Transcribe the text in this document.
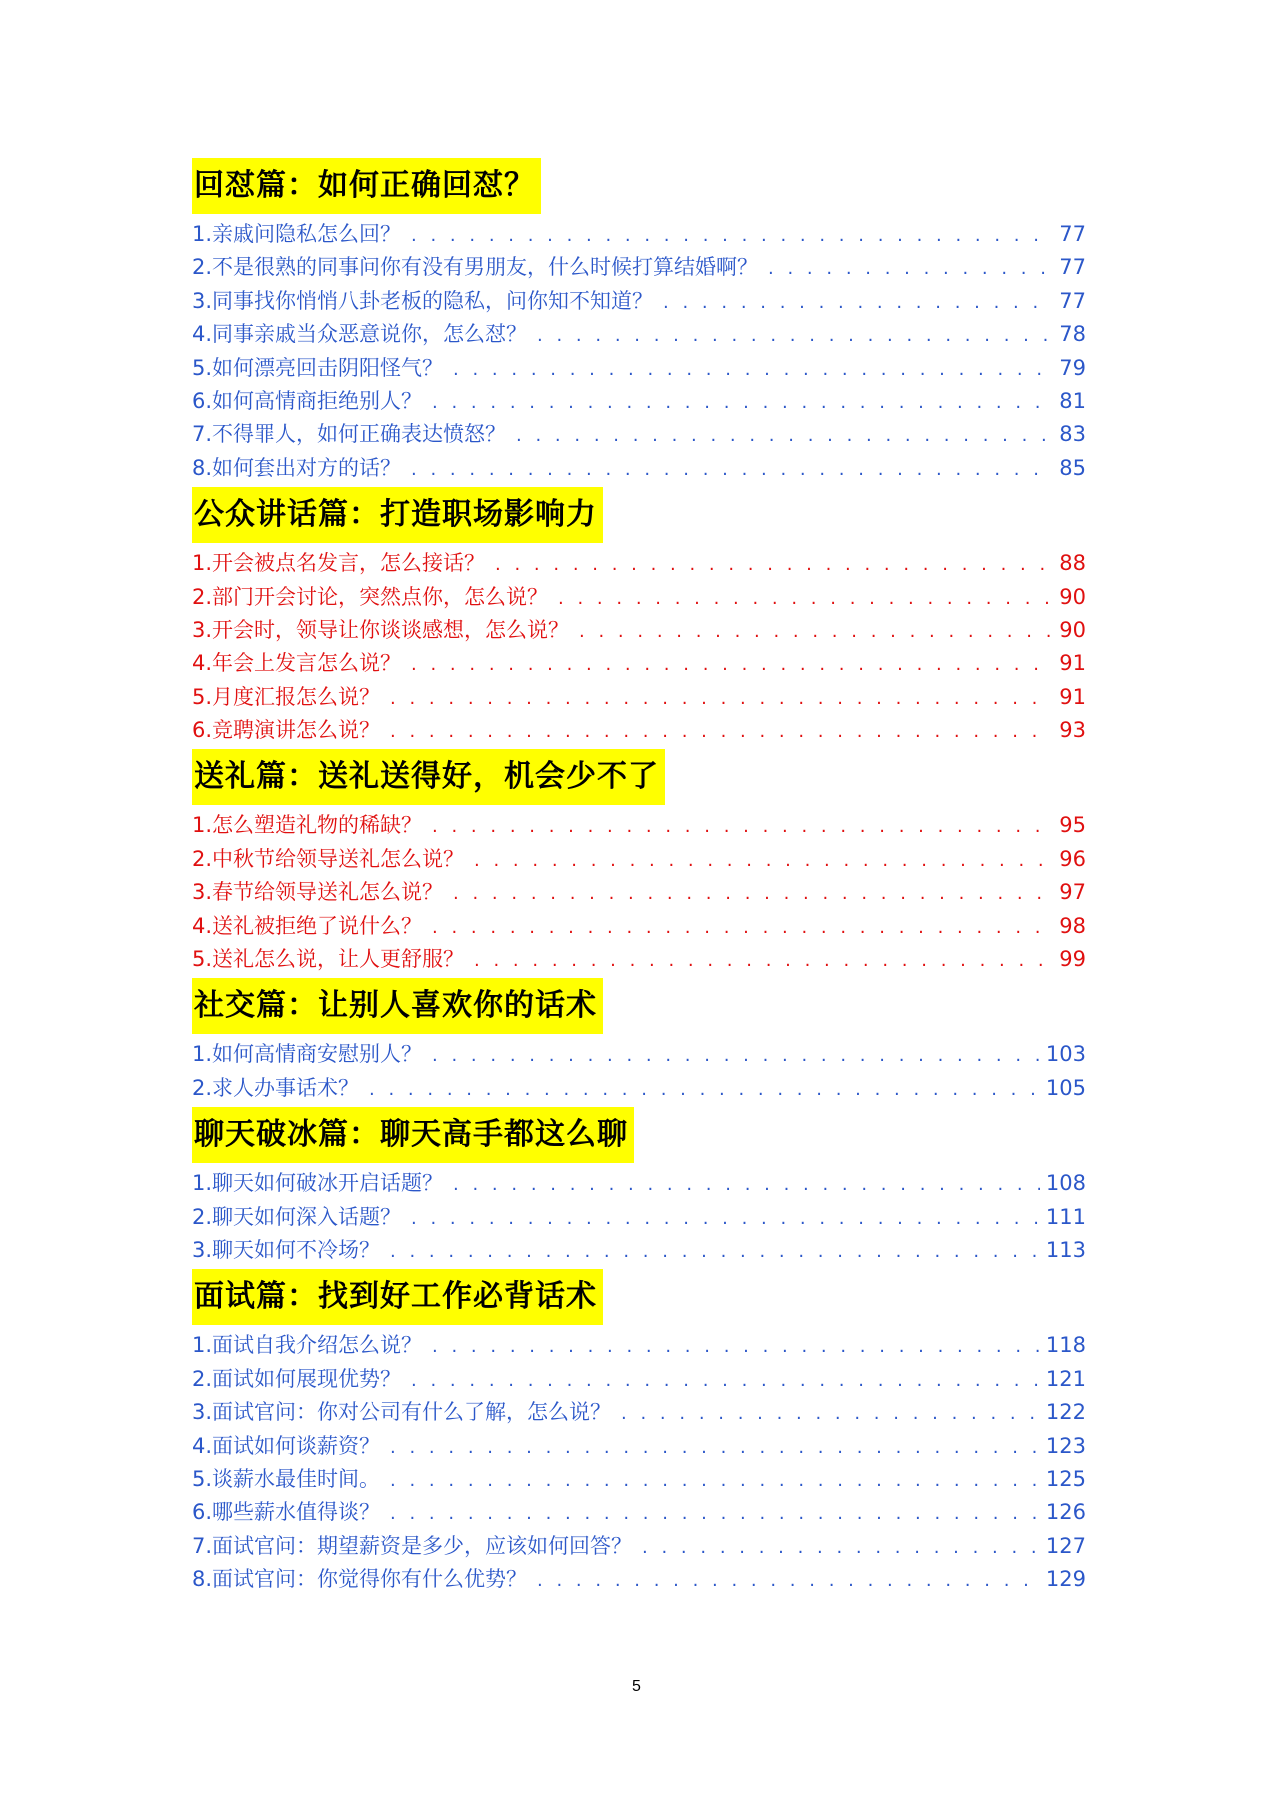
回怼篇：如何正确回怼？
1. 亲戚问隐私怎么回？ . . .	77
2. 不是很熟的同事问你有没有男朋友，什么时候打算结婚啊？ . . .	77
3. 同事找你悄悄八卦老板的隐私，问你知不知道？ . . .	77
4. 同事亲戚当众恶意说你，怎么怼？ . . .	78
5. 如何漂亮回击阴阳怪气？ . . .	79
6. 如何高情商拒绝别人？ . . .	81
7. 不得罪人，如何正确表达愤怒？ . . .	83
8. 如何套出对方的话？ . . .	85
公众讲话篇：打造职场影响力
1. 开会被点名发言，怎么接话？ . . .	88
2. 部门开会讨论，突然点你，怎么说？ . . .	90
3. 开会时，领导让你谈谈感想，怎么说？ . . .	90
4. 年会上发言怎么说？ . . .	91
5. 月度汇报怎么说？ . . .	91
6. 竞聘演讲怎么说？ . . .	93
送礼篇：送礼送得好，机会少不了
1. 怎么塑造礼物的稀缺？ . . .	95
2. 中秋节给领导送礼怎么说？ . . .	96
3. 春节给领导送礼怎么说？ . . .	97
4. 送礼被拒绝了说什么？ . . .	98
5. 送礼怎么说，让人更舒服？ . . .	99
社交篇：让别人喜欢你的话术
1. 如何高情商安慰别人？ . . .	103
2. 求人办事话术？ . . .	105
聊天破冰篇：聊天高手都这么聊
1. 聊天如何破冰开启话题？ . . .	108
2. 聊天如何深入话题？ . . .	111
3. 聊天如何不冷场？ . . .	113
面试篇：找到好工作必背话术
1. 面试自我介绍怎么说？ . . .	118
2. 面试如何展现优势？ . . .	121
3. 面试官问：你对公司有什么了解，怎么说？ . . .	122
4. 面试如何谈薪资？ . . .	123
5. 谈薪水最佳时间。 . . .	125
6. 哪些薪水值得谈？ . . .	126
7. 面试官问：期望薪资是多少，应该如何回答？ . . .	127
8. 面试官问：你觉得你有什么优势？ . . .	129
5
